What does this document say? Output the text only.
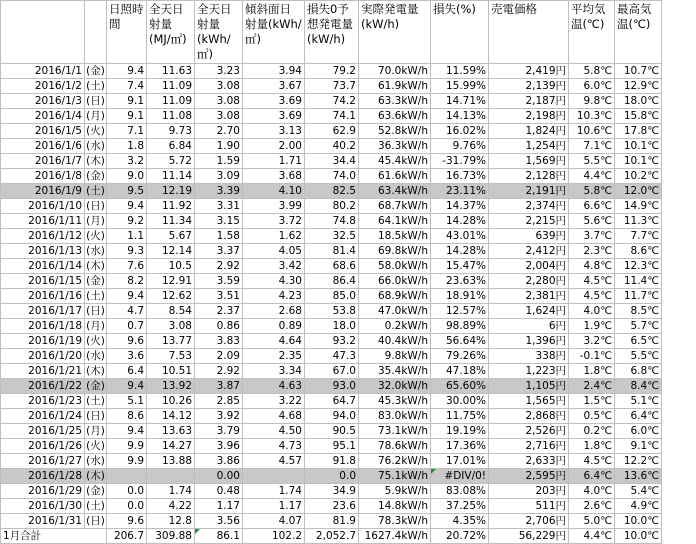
		日照時間	全天日射量(MJ/㎡)	全天日射量(kWh/㎡)	傾斜面日射量(kWh/㎡)	損失0予想発電量(kW/h)	実際発電量(kW/h)	損失(%)	売電価格	平均気温(℃)	最高気温(℃)
2016/1/1	(金)	9.4	11.63	3.23	3.94	79.2	70.0kW/h	11.59%	2,419円	5.8℃	10.7℃
2016/1/2	(土)	7.4	11.09	3.08	3.67	73.7	61.9kW/h	15.99%	2,139円	6.0℃	12.9℃
2016/1/3	(日)	9.1	11.09	3.08	3.69	74.2	63.3kW/h	14.71%	2,187円	9.8℃	18.0℃
2016/1/4	(月)	9.1	11.08	3.08	3.69	74.1	63.6kW/h	14.13%	2,198円	10.3℃	15.8℃
2016/1/5	(火)	7.1	9.73	2.70	3.13	62.9	52.8kW/h	16.02%	1,824円	10.6℃	17.8℃
2016/1/6	(水)	1.8	6.84	1.90	2.00	40.2	36.3kW/h	9.76%	1,254円	7.1℃	10.1℃
2016/1/7	(木)	3.2	5.72	1.59	1.71	34.4	45.4kW/h	-31.79%	1,569円	5.5℃	10.1℃
2016/1/8	(金)	9.0	11.14	3.09	3.68	74.0	61.6kW/h	16.73%	2,128円	4.4℃	10.2℃
2016/1/9	(土)	9.5	12.19	3.39	4.10	82.5	63.4kW/h	23.11%	2,191円	5.8℃	12.0℃
2016/1/10	(日)	9.4	11.92	3.31	3.99	80.2	68.7kW/h	14.37%	2,374円	6.6℃	14.9℃
2016/1/11	(月)	9.2	11.34	3.15	3.72	74.8	64.1kW/h	14.28%	2,215円	5.6℃	11.3℃
2016/1/12	(火)	1.1	5.67	1.58	1.62	32.5	18.5kW/h	43.01%	639円	3.7℃	7.7℃
2016/1/13	(水)	9.3	12.14	3.37	4.05	81.4	69.8kW/h	14.28%	2,412円	2.3℃	8.6℃
2016/1/14	(木)	7.6	10.5	2.92	3.42	68.6	58.0kW/h	15.47%	2,004円	4.8℃	12.3℃
2016/1/15	(金)	8.2	12.91	3.59	4.30	86.4	66.0kW/h	23.63%	2,280円	4.5℃	11.4℃
2016/1/16	(土)	9.4	12.62	3.51	4.23	85.0	68.9kW/h	18.91%	2,381円	4.5℃	11.7℃
2016/1/17	(日)	4.7	8.54	2.37	2.68	53.8	47.0kW/h	12.57%	1,624円	4.0℃	8.5℃
2016/1/18	(月)	0.7	3.08	0.86	0.89	18.0	0.2kW/h	98.89%	6円	1.9℃	5.7℃
2016/1/19	(火)	9.6	13.77	3.83	4.64	93.2	40.4kW/h	56.64%	1,396円	3.2℃	6.5℃
2016/1/20	(水)	3.6	7.53	2.09	2.35	47.3	9.8kW/h	79.26%	338円	-0.1℃	5.5℃
2016/1/21	(木)	6.4	10.51	2.92	3.34	67.0	35.4kW/h	47.18%	1,223円	1.8℃	6.8℃
2016/1/22	(金)	9.4	13.92	3.87	4.63	93.0	32.0kW/h	65.60%	1,105円	2.4℃	8.4℃
2016/1/23	(土)	5.1	10.26	2.85	3.22	64.7	45.3kW/h	30.00%	1,565円	1.5℃	5.1℃
2016/1/24	(日)	8.6	14.12	3.92	4.68	94.0	83.0kW/h	11.75%	2,868円	0.5℃	6.4℃
2016/1/25	(月)	9.4	13.63	3.79	4.50	90.5	73.1kW/h	19.19%	2,526円	0.2℃	6.0℃
2016/1/26	(火)	9.9	14.27	3.96	4.73	95.1	78.6kW/h	17.36%	2,716円	1.8℃	9.1℃
2016/1/27	(水)	9.9	13.88	3.86	4.57	91.8	76.2kW/h	17.01%	2,633円	4.5℃	12.2℃
2016/1/28	(木)			0.00		0.0	75.1kW/h	#DIV/0!	2,595円	6.4℃	13.6℃
2016/1/29	(金)	0.0	1.74	0.48	1.74	34.9	5.9kW/h	83.08%	203円	4.0℃	5.4℃
2016/1/30	(土)	0.0	4.22	1.17	1.17	23.6	14.8kW/h	37.25%	511円	2.6℃	4.9℃
2016/1/31	(日)	9.6	12.8	3.56	4.07	81.9	78.3kW/h	4.35%	2,706円	5.0℃	10.0℃
1月合計		206.7	309.88	86.1	102.2	2,052.7	1627.4kW/h	20.72%	56,229円	4.4℃	10.0℃
